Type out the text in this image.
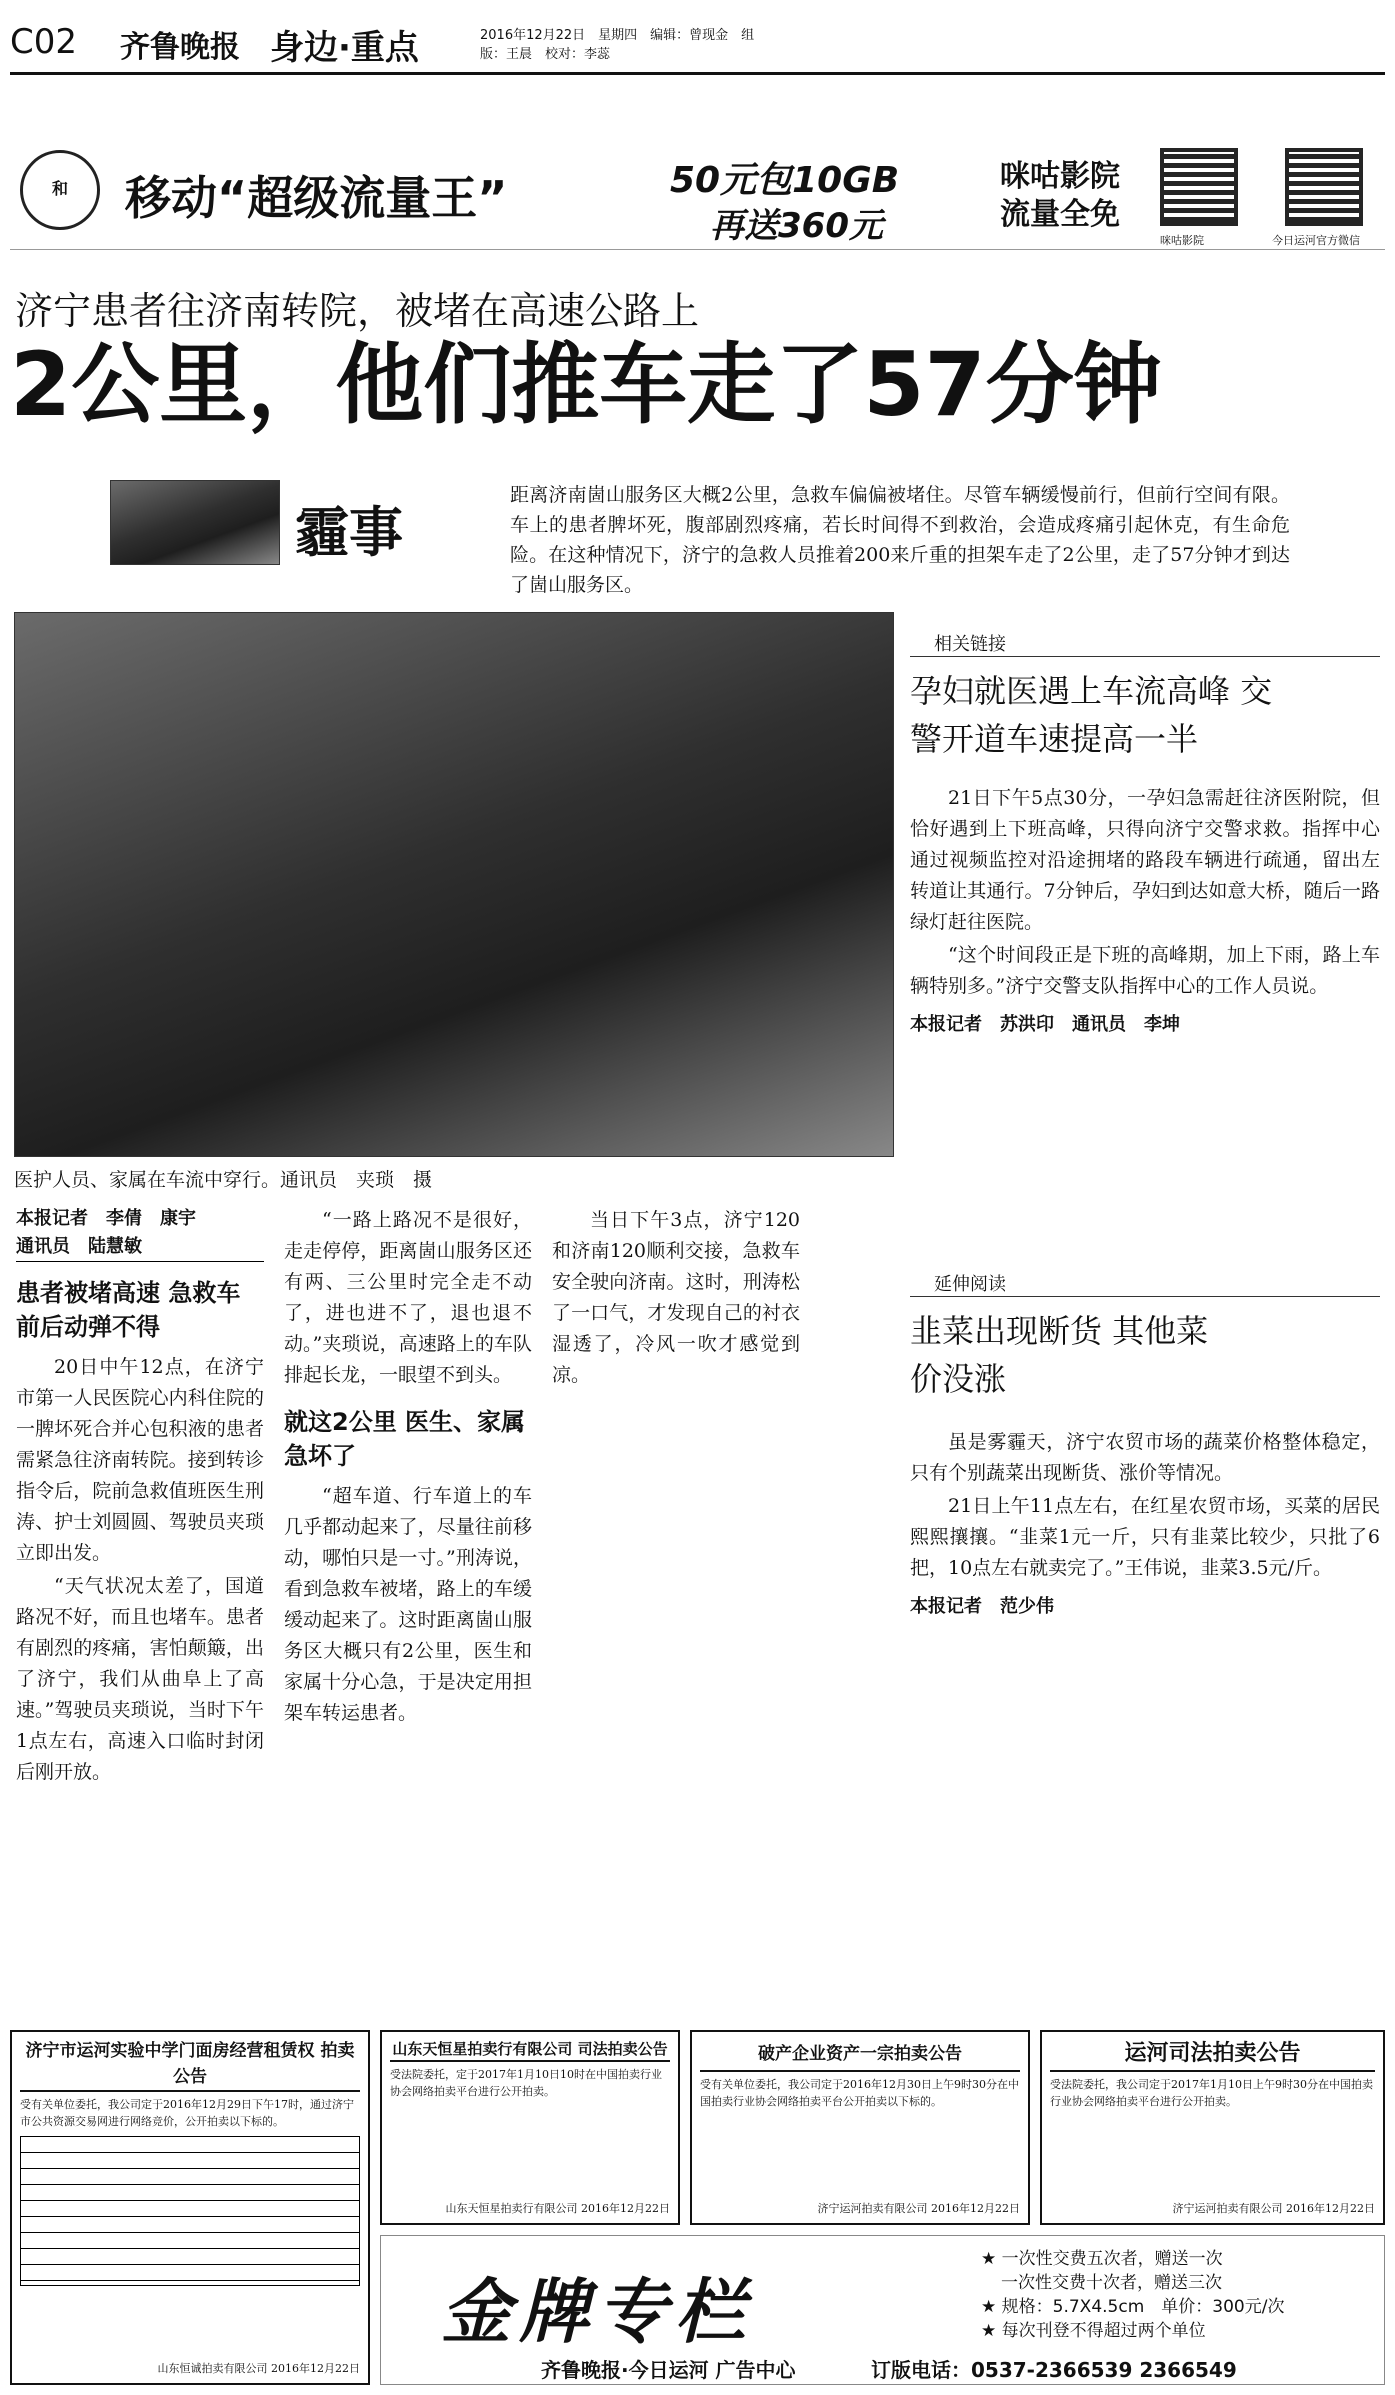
C02 齐鲁晚报 身边·重点	2016年12月22日　星期四　编辑：曾现金　组版：王晨　校对：李蕊
和	移动“超级流量王”	50元包10GB
再送360元
咪咕影院 流量全免
咪咕影院	今日运河官方微信
济宁患者往济南转院，被堵在高速公路上
2公里，他们推车走了57分钟
霾事
距离济南崮山服务区大概2公里，急救车偏偏被堵住。尽管车辆缓慢前行，但前行空间有限。车上的患者脾坏死，腹部剧烈疼痛，若长时间得不到救治，会造成疼痛引起休克，有生命危险。在这种情况下，济宁的急救人员推着200来斤重的担架车走了2公里，走了57分钟才到达了崮山服务区。
医护人员、家属在车流中穿行。通讯员　夹琐　摄
本报记者　李倩　康宇
通讯员　陆慧敏
患者被堵高速 急救车前后动弹不得

20日中午12点，在济宁市第一人民医院心内科住院的一脾坏死合并心包积液的患者需紧急往济南转院。接到转诊指令后，院前急救值班医生刑涛、护士刘圆圆、驾驶员夹琐立即出发。

“天气状况太差了，国道路况不好，而且也堵车。患者有剧烈的疼痛，害怕颠簸，出了济宁，我们从曲阜上了高速。”驾驶员夹琐说，当时下午1点左右，高速入口临时封闭后刚开放。

“一路上路况不是很好，走走停停，距离崮山服务区还有两、三公里时完全走不动了，进也进不了，退也退不动。”夹琐说，高速路上的车队排起长龙，一眼望不到头。

就这2公里 医生、家属急坏了

“超车道、行车道上的车几乎都动起来了，尽量往前移动，哪怕只是一寸。”刑涛说，看到急救车被堵，路上的车缓缓动起来了。这时距离崮山服务区大概只有2公里，医生和家属十分心急，于是决定用担架车转运患者。

当日下午3点，济宁120和济南120顺利交接，急救车安全驶向济南。这时，刑涛松了一口气，才发现自己的衬衣湿透了，冷风一吹才感觉到凉。

相关链接
孕妇就医遇上车流高峰 交警开道车速提高一半

21日下午5点30分，一孕妇急需赶往济医附院，但恰好遇到上下班高峰，只得向济宁交警求救。指挥中心通过视频监控对沿途拥堵的路段车辆进行疏通，留出左转道让其通行。7分钟后，孕妇到达如意大桥，随后一路绿灯赶往医院。

“这个时间段正是下班的高峰期，加上下雨，路上车辆特别多。”济宁交警支队指挥中心的工作人员说。

本报记者　苏洪印　通讯员　李坤
延伸阅读
韭菜出现断货 其他菜价没涨

虽是雾霾天，济宁农贸市场的蔬菜价格整体稳定，只有个别蔬菜出现断货、涨价等情况。

21日上午11点左右，在红星农贸市场，买菜的居民熙熙攘攘。“韭菜1元一斤，只有韭菜比较少，只批了6把，10点左右就卖完了。”王伟说，韭菜3.5元/斤。

本报记者　范少伟
济宁市运河实验中学门面房经营租赁权 拍卖公告
受有关单位委托，我公司定于2016年12月29日下午17时，通过济宁市公共资源交易网进行网络竞价，公开拍卖以下标的。
山东恒诚拍卖有限公司 2016年12月22日
山东天恒星拍卖行有限公司 司法拍卖公告
受法院委托，定于2017年1月10日10时在中国拍卖行业协会网络拍卖平台进行公开拍卖。
山东天恒星拍卖行有限公司 2016年12月22日
破产企业资产一宗拍卖公告
受有关单位委托，我公司定于2016年12月30日上午9时30分在中国拍卖行业协会网络拍卖平台公开拍卖以下标的。
济宁运河拍卖有限公司 2016年12月22日
运河司法拍卖公告
受法院委托，我公司定于2017年1月10日上午9时30分在中国拍卖行业协会网络拍卖平台进行公开拍卖。
济宁运河拍卖有限公司 2016年12月22日
金牌专栏
★ 一次性交费五次者，赠送一次
一次性交费十次者，赠送三次
★ 规格：5.7X4.5cm　单价：300元/次
★ 每次刊登不得超过两个单位
齐鲁晚报·今日运河 广告中心	订版电话：0537-2366539 2366549
